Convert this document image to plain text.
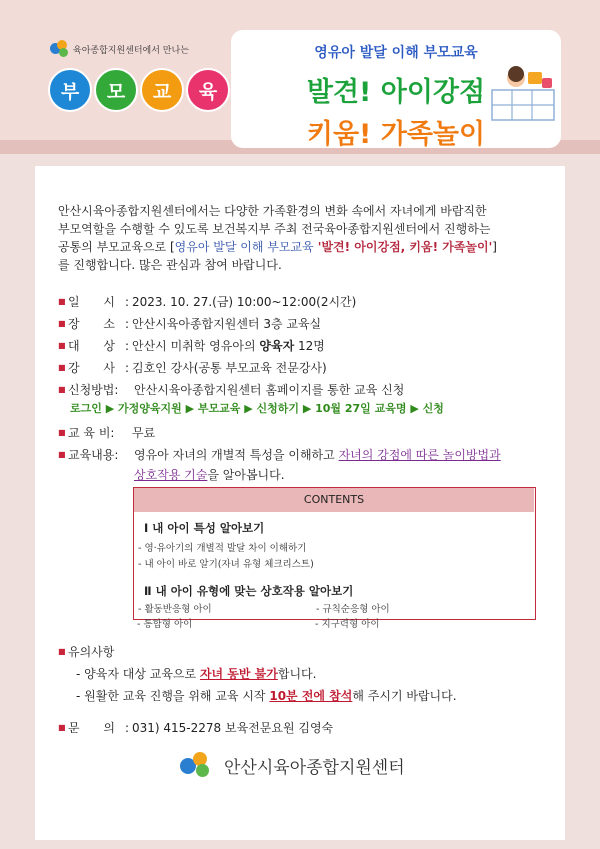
육아종합지원센터에서 만나는
부	모	교	육
영유아 발달 이해 부모교육
발견! 아이강점
키움! 가족놀이
안산시육아종합지원센터에서는 다양한 가족환경의 변화 속에서 자녀에게 바람직한
부모역할을 수행할 수 있도록 보건복지부 주최 전국육아종합지원센터에서 진행하는
공통의 부모교육으로 [영유아 발달 이해 부모교육 '발견! 아이강점, 키움! 가족놀이']
를 진행합니다. 많은 관심과 참여 바랍니다.
■ 일 시:
2023. 10. 27.(금) 10:00~12:00(2시간)
■ 장 소:
안산시육아종합지원센터 3층 교육실
■ 대 상:
안산시 미취학 영유아의
양육자
12명
■ 강 사:
김호인 강사(공통 부모교육 전문강사)
■ 신청방법:	안산시육아종합지원센터 홈페이지를 통한 교육 신청
■ 교 육 비:	무료
■ 교육내용:	영유아 자녀의 개별적 특성을 이해하고
자녀의 강점에 따른 놀이방법과
상호작용 기술 을 알아봅니다.
로그인 ▶ 가정양육지원 ▶ 부모교육 ▶ 신청하기 ▶ 10월 27일 교육명 ▶ 신청
CONTENTS
Ⅰ 내 아이 특성 알아보기
- 영·유아기의 개별적 발달 차이 이해하기
- 내 아이 바로 알기(자녀 유형 체크리스트)
Ⅱ 내 아이 유형에 맞는 상호작용 알아보기
- 활동반응형 아이	- 규칙순응형 아이
- 통합형 아이	- 지구력형 아이
■ 유의사항
- 양육자 대상 교육으로
자녀 동반 불가 합니다.
- 원활한 교육 진행을 위해 교육 시작
10분 전에 참석 해 주시기 바랍니다.
■ 문 의:
031) 415-2278 보육전문요원 김영숙
안산시육아종합지원센터
